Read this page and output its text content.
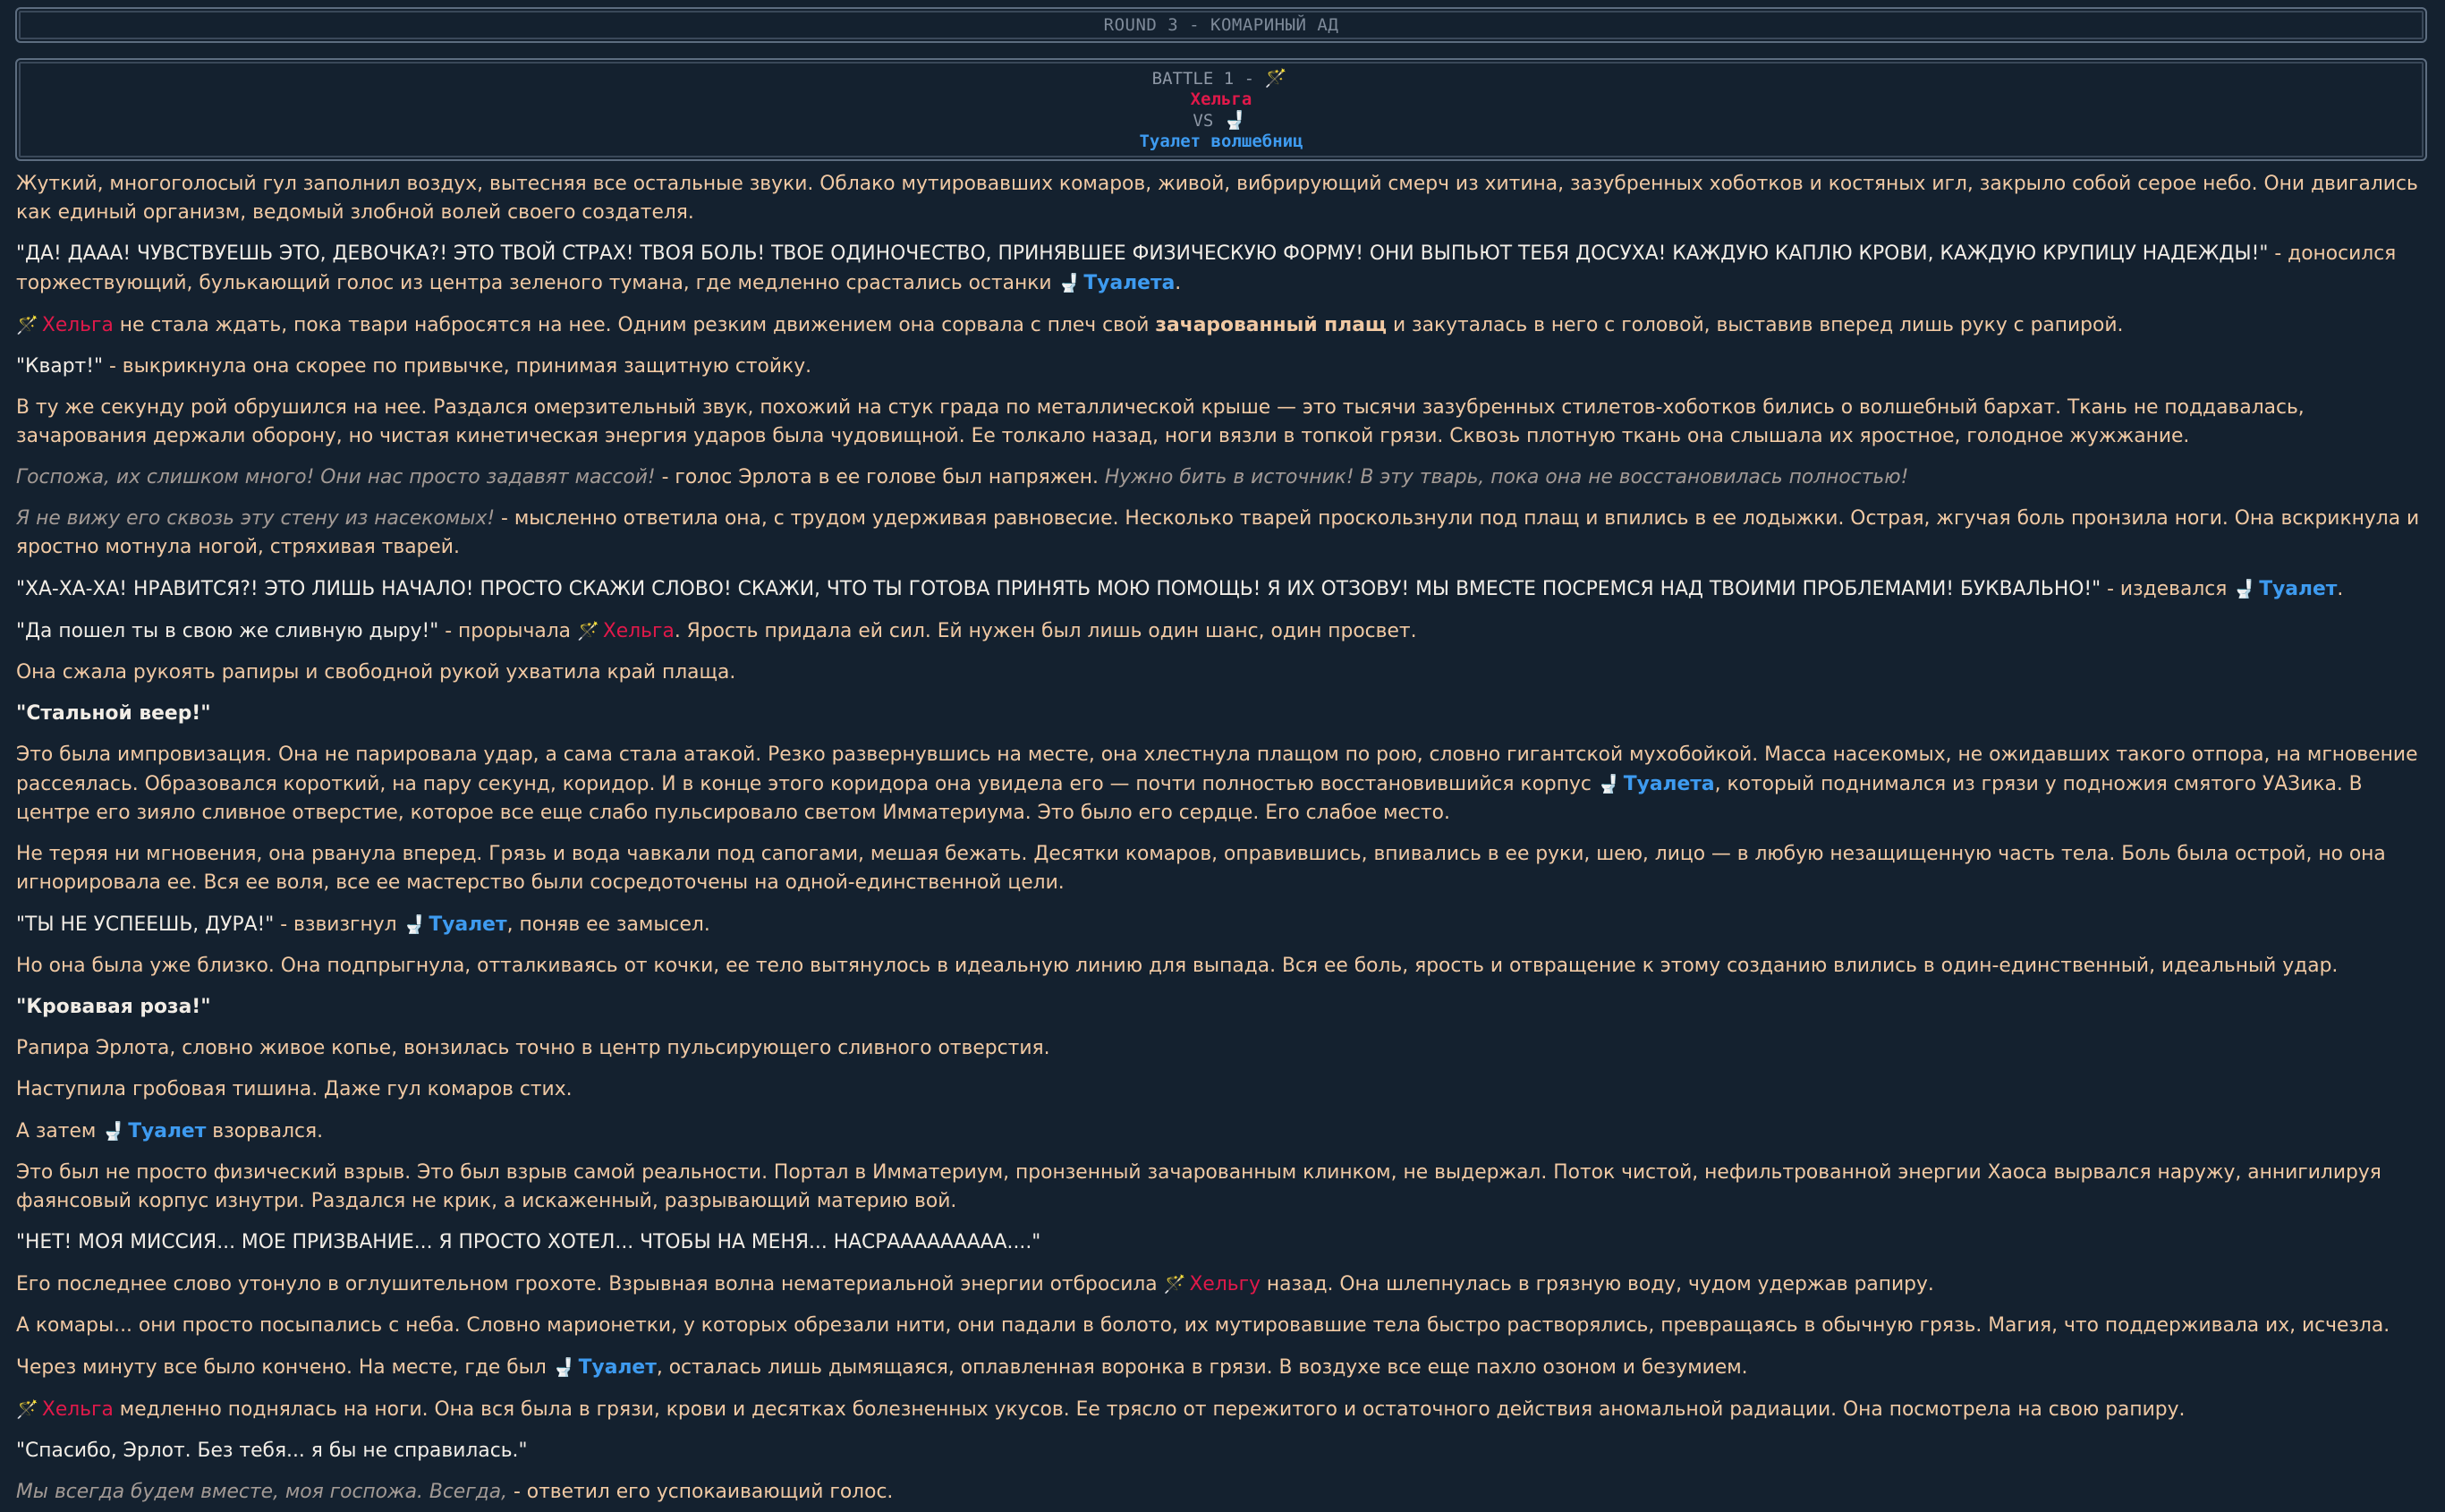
ROUND 3 - КОМАРИНЫЙ АД
BATTLE 1 - 🪄
Хельга
VS 🚽
Туалет волшебниц

Жуткий, многоголосый гул заполнил воздух, вытесняя все остальные звуки. Облако мутировавших комаров, живой, вибрирующий смерч из хитина, зазубренных хоботков и костяных игл, закрыло собой серое небо. Они двигались как единый организм, ведомый злобной волей своего создателя.

"ДА! ДААА! ЧУВСТВУЕШЬ ЭТО, ДЕВОЧКА?! ЭТО ТВОЙ СТРАХ! ТВОЯ БОЛЬ! ТВОЕ ОДИНОЧЕСТВО, ПРИНЯВШЕЕ ФИЗИЧЕСКУЮ ФОРМУ! ОНИ ВЫПЬЮТ ТЕБЯ ДОСУХА! КАЖДУЮ КАПЛЮ КРОВИ, КАЖДУЮ КРУПИЦУ НАДЕЖДЫ!" - доносился торжествующий, булькающий голос из центра зеленого тумана, где медленно срастались останки 🚽 Туалета.

🪄 Хельга не стала ждать, пока твари набросятся на нее. Одним резким движением она сорвала с плеч свой зачарованный плащ и закуталась в него с головой, выставив вперед лишь руку с рапирой.

"Кварт!" - выкрикнула она скорее по привычке, принимая защитную стойку.

В ту же секунду рой обрушился на нее. Раздался омерзительный звук, похожий на стук града по металлической крыше — это тысячи зазубренных стилетов-хоботков бились о волшебный бархат. Ткань не поддавалась, зачарования держали оборону, но чистая кинетическая энергия ударов была чудовищной. Ее толкало назад, ноги вязли в топкой грязи. Сквозь плотную ткань она слышала их яростное, голодное жужжание.

Госпожа, их слишком много! Они нас просто задавят массой! - голос Эрлота в ее голове был напряжен. Нужно бить в источник! В эту тварь, пока она не восстановилась полностью!

Я не вижу его сквозь эту стену из насекомых! - мысленно ответила она, с трудом удерживая равновесие. Несколько тварей проскользнули под плащ и впились в ее лодыжки. Острая, жгучая боль пронзила ноги. Она вскрикнула и яростно мотнула ногой, стряхивая тварей.

"ХА-ХА-ХА! НРАВИТСЯ?! ЭТО ЛИШЬ НАЧАЛО! ПРОСТО СКАЖИ СЛОВО! СКАЖИ, ЧТО ТЫ ГОТОВА ПРИНЯТЬ МОЮ ПОМОЩЬ! Я ИХ ОТЗОВУ! МЫ ВМЕСТЕ ПОСРЕМСЯ НАД ТВОИМИ ПРОБЛЕМАМИ! БУКВАЛЬНО!" - издевался 🚽 Туалет.

"Да пошел ты в свою же сливную дыру!" - прорычала 🪄 Хельга. Ярость придала ей сил. Ей нужен был лишь один шанс, один просвет.

Она сжала рукоять рапиры и свободной рукой ухватила край плаща.

"Стальной веер!"

Это была импровизация. Она не парировала удар, а сама стала атакой. Резко развернувшись на месте, она хлестнула плащом по рою, словно гигантской мухобойкой. Масса насекомых, не ожидавших такого отпора, на мгновение рассеялась. Образовался короткий, на пару секунд, коридор. И в конце этого коридора она увидела его — почти полностью восстановившийся корпус 🚽 Туалета, который поднимался из грязи у подножия смятого УАЗика. В центре его зияло сливное отверстие, которое все еще слабо пульсировало светом Имматериума. Это было его сердце. Его слабое место.

Не теряя ни мгновения, она рванула вперед. Грязь и вода чавкали под сапогами, мешая бежать. Десятки комаров, оправившись, впивались в ее руки, шею, лицо — в любую незащищенную часть тела. Боль была острой, но она игнорировала ее. Вся ее воля, все ее мастерство были сосредоточены на одной-единственной цели.

"ТЫ НЕ УСПЕЕШЬ, ДУРА!" - взвизгнул 🚽 Туалет, поняв ее замысел.

Но она была уже близко. Она подпрыгнула, отталкиваясь от кочки, ее тело вытянулось в идеальную линию для выпада. Вся ее боль, ярость и отвращение к этому созданию влились в один-единственный, идеальный удар.

"Кровавая роза!"

Рапира Эрлота, словно живое копье, вонзилась точно в центр пульсирующего сливного отверстия.

Наступила гробовая тишина. Даже гул комаров стих.

А затем 🚽 Туалет взорвался.

Это был не просто физический взрыв. Это был взрыв самой реальности. Портал в Имматериум, пронзенный зачарованным клинком, не выдержал. Поток чистой, нефильтрованной энергии Хаоса вырвался наружу, аннигилируя фаянсовый корпус изнутри. Раздался не крик, а искаженный, разрывающий материю вой.

"НЕТ! МОЯ МИССИЯ... МОЕ ПРИЗВАНИЕ... Я ПРОСТО ХОТЕЛ... ЧТОБЫ НА МЕНЯ... НАСРААААААААА...."

Его последнее слово утонуло в оглушительном грохоте. Взрывная волна нематериальной энергии отбросила 🪄 Хельгу назад. Она шлепнулась в грязную воду, чудом удержав рапиру.

А комары... они просто посыпались с неба. Словно марионетки, у которых обрезали нити, они падали в болото, их мутировавшие тела быстро растворялись, превращаясь в обычную грязь. Магия, что поддерживала их, исчезла.

Через минуту все было кончено. На месте, где был 🚽 Туалет, осталась лишь дымящаяся, оплавленная воронка в грязи. В воздухе все еще пахло озоном и безумием.

🪄 Хельга медленно поднялась на ноги. Она вся была в грязи, крови и десятках болезненных укусов. Ее трясло от пережитого и остаточного действия аномальной радиации. Она посмотрела на свою рапиру.

"Спасибо, Эрлот. Без тебя... я бы не справилась."

Мы всегда будем вместе, моя госпожа. Всегда, - ответил его успокаивающий голос.
